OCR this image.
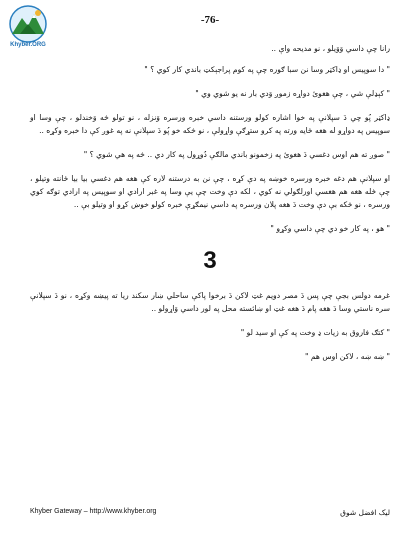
Khyber.ORG
-76-

رانا چې داسي وَوَيلو ، نو مديحه واې ..

" دا سوپيس او ډاکټر وسا نن سبا ګوره چې په کوم پراجېکټ باندي کار کوي ؟ "

" کېډلې شي ، چې هغوئ دواړه زموږ وَدي بار نه يو شوي وي "

ډاکټر پُو چي دَ سپلانې په خوا اشاره کولو ورستنه داسي خبره ورسره وَنزله ، نو تولو څه وَخندلو ، چې وسا او سوپيس په دواړو له هغه ځايه ورته په کرو ستړګې واړولې ، نو څکه خو پُو دَ سپلانې نه په غوږ کې دا خبره وکړه ..

" صوږ ته هم اوس دغسي دَ هغوئ په زخمونو باندي مالګې دُوړول په کار دي .. څه په هي شوي ؟ "

او سپلانې هم دغه خبره ورسره خوښه په دې کړه ، چې نن به درستنه لاره کې هغه هم دغسي بيا بيا ځانته وتيلو ، چې څله هغه هم هغسي اورلګولي نه کوي ، لکه دې وخت چې يې وسا په غبر ارادي او سوپيس په ارادي توګه کوي ورسره ، نو څکه بې دې وخت دَ هغه پلان ورسره په داسي نيمګړې خبره کولو خوښ کړو او وتيلو بې ..

" هو ، په کار خو دي چې داسي وکړو "

3

غرمه دولس بجې چې پس دَ مصر دويم غټ لاکن دَ برخوا پاکې ساحلي ښار سکند ريا ته پيښه وکړه ، نو دَ سپلانې سره ناستي وسا دَ هغه پام دَ هغه غټ او ښائسته محل په لور داسي وَاړولو ..

" کتګ فاروق به زيات ډ وخت په کې او سيد لو "

" ښه ښه ، لاکن اوس هم "

Khyber Gateway – http://www.khyber.org	ليک افضل شوق
